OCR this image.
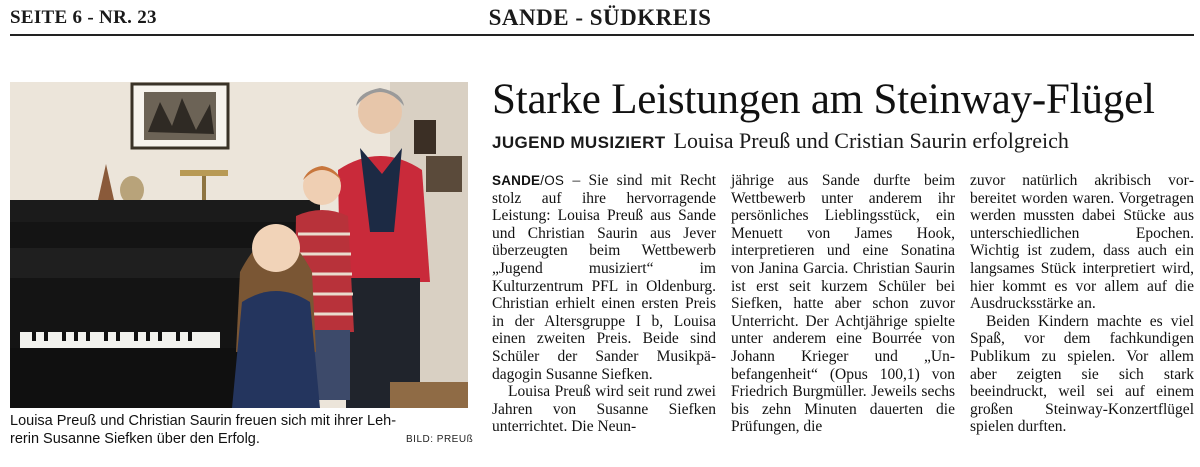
SEITE 6 - NR. 23	SANDE - SÜDKREIS
Louisa Preuß und Christian Saurin freuen sich mit ihrer Leh-
rerin Susanne Siefken über den Erfolg.	BILD: PREUß
Starke Leistungen am Steinway-Flügel
JUGEND MUSIZIERT Louisa Preuß und Cristian Saurin erfolgreich

SANDE/OS – Sie sind mit Recht stolz auf ihre hervorragende Leistung: Louisa Preuß aus Sande und Christian Saurin aus Jever überzeugten beim Wettbewerb „Jugend musiziert“ im Kulturzentrum PFL in Oldenburg. Christian erhielt einen ersten Preis in der Altersgruppe I b, Louisa einen zweiten Preis. Beide sind Schüler der Sander Musikpädagogin Susanne Siefken.

Louisa Preuß wird seit rund zwei Jahren von Susanne Siefken unterrichtet. Die Neun-

jährige aus Sande durfte beim Wettbewerb unter anderem ihr persönliches Lieblingsstück, ein Menuett von James Hook, interpretieren und eine Sonatina von Janina Garcia. Christian Saurin ist erst seit kurzem Schüler bei Siefken, hatte aber schon zuvor Unterricht. Der Achtjährige spielte unter anderem eine Bourrée von Johann Krieger und „Unbefangenheit“ (Opus 100,1) von Friedrich Burgmüller. Jeweils sechs bis zehn Minuten dauerten die Prüfungen, die

zuvor natürlich akribisch vorbereitet worden waren. Vorgetragen werden mussten dabei Stücke aus unterschiedlichen Epochen. Wichtig ist zudem, dass auch ein langsames Stück interpretiert wird, hier kommt es vor allem auf die Ausdrucksstärke an.

Beiden Kindern machte es viel Spaß, vor dem fachkundigen Publikum zu spielen. Vor allem aber zeigten sie sich stark beeindruckt, weil sei auf einem großen Steinway-Konzertflügel spielen durften.
